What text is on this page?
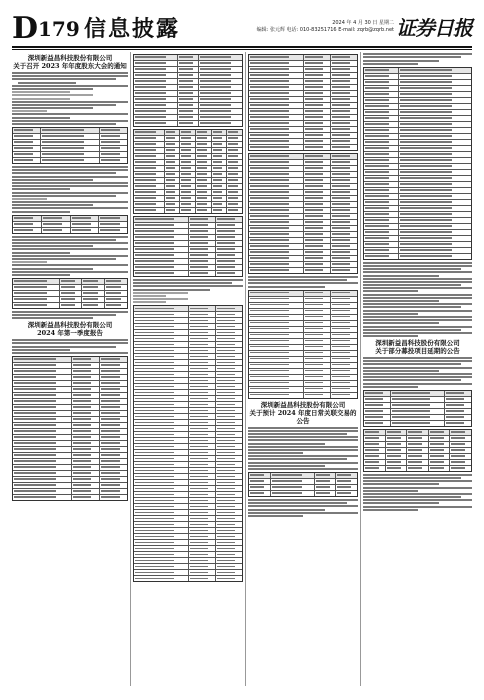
D179 信息披露	2024 年 4 月 30 日 星期二
编辑: 张元辉 电话: 010-83251716 E-mail: zqrb@zqrb.net 证券日报
深圳新益昌科技股份有限公司
关于召开 2023 年年度股东大会的通知
深圳新益昌科技股份有限公司
2024 年第一季度报告
深圳新益昌科技股份有限公司
关于预计 2024 年度日常关联交易的公告
深圳新益昌科技股份有限公司
关于部分募投项目延期的公告
